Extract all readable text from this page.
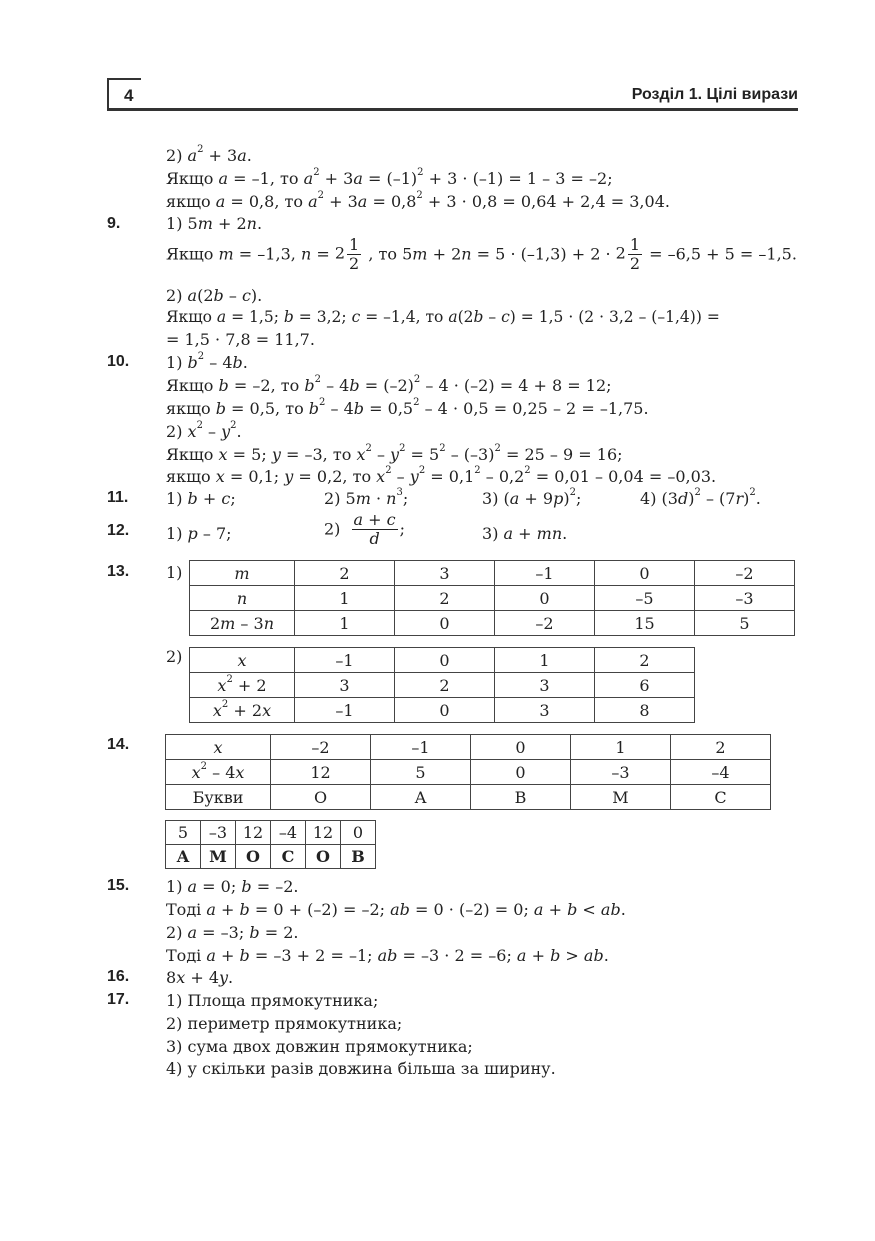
4	Розділ 1. Цілі вирази
2) $a^2 + 3a$.
Якщо a = –1, то $a^2 + 3a = (-1)^2 + 3 \cdot (-1) = 1 - 3 = -2$;
якщо a = 0,8, то $a^2 + 3a = 0,8^2 + 3 \cdot 0,8 = 0,64 + 2,4 = 3,04$.
9.	1) 5m + 2n.
Якщо m = –1,3, $n = 2 \frac{1}{2}$ , то $5m + 2n = 5 \cdot (-1,3) + 2 \cdot 2 \frac{1}{2} = -6,5 + 5 = -1,5$.
2) a(2b – c).
Якщо a = 1,5; b = 3,2; c = –1,4, то a(2b – c) = 1,5 · (2 · 3,2 – (–1,4)) =
= 1,5 · 7,8 = 11,7.
10. 1) $b^2 - 4b$.
Якщо b = –2, то $b^2 - 4b = (-2)^2 - 4 \cdot (-2) = 4 + 8 = 12$;
якщо b = 0,5, то $b^2 - 4b = 0,5^2 - 4 \cdot 0,5 = 0,25 - 2 = -1,75$.
2) $x^2 - y^2$.
Якщо x = 5; y = –3, то $x^2 - y^2 = 5^2 - (-3)^2 = 25 - 9 = 16$;
якщо x = 0,1; y = 0,2, то $x^2 - y^2 = 0,1^2 - 0,2^2 = 0,01 - 0,04 = -0,03$.
11. 1) b + c;	2) $5m \cdot n^3$;	3) $(a + 9p)^2$;	4) $(3d)^2 - (7r)^2$.
12. 1) p – 7;	$2) \frac{a + c}{d}$ ;	3) a + mn.
13. 1)	m	2	3	–1	0	–2
n	1	2	0	–5	–3
2m – 3n	1	0	–2	15	5
2)	x	–1	0	1	2
$x^2 + 2$	3	2	3	6
$x^2 + 2x$	–1	0	3	8
14.	x	–2	–1	0	1	2
$x^2 - 4x$	12	5	0	–3	–4
Букви	О	А	В	М	С
5	–3	12	–4	12	0
А	М	О	С	О	В
15. 1) a = 0; b = –2.
Тоді a + b = 0 + (–2) = –2; ab = 0 · (–2) = 0; a + b < ab.
2) a = –3; b = 2.
Тоді a + b = –3 + 2 = –1; ab = –3 · 2 = –6; a + b > ab.
16. 8x + 4y.
17. 1) Площа прямокутника;
2) периметр прямокутника;
3) сума двох довжин прямокутника;
4) у скільки разів довжина більша за ширину.
